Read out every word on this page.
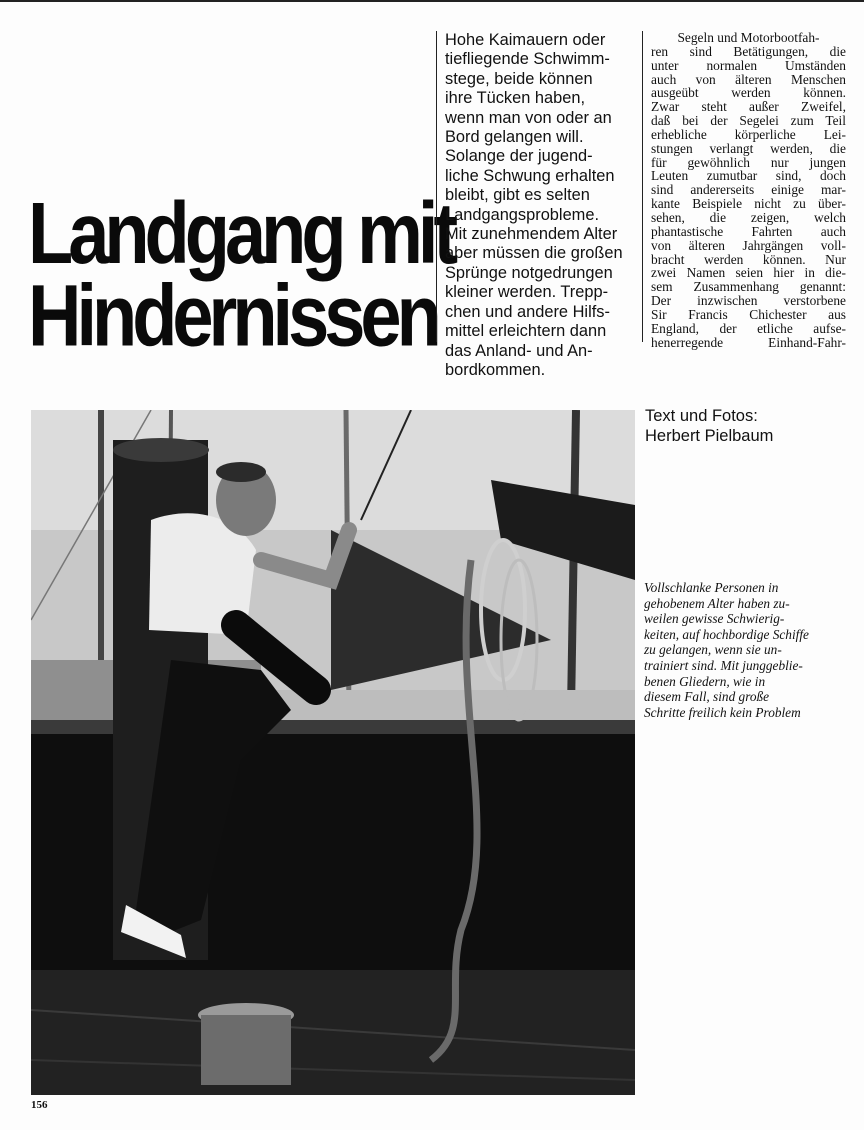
Landgang mit
Hindernissen
Hohe Kaimauern oder
tiefliegende Schwimm-
stege, beide können
ihre Tücken haben,
wenn man von oder an
Bord gelangen will.
Solange der jugend-
liche Schwung erhalten
bleibt, gibt es selten
Landgangsprobleme.
Mit zunehmendem Alter
aber müssen die großen
Sprünge notgedrungen
kleiner werden. Trepp-
chen und andere Hilfs-
mittel erleichtern dann
das Anland- und An-
bordkommen.
Segeln und Motorbootfah-
ren sind Betätigungen, die
unter normalen Umständen
auch von älteren Menschen
ausgeübt werden können.
Zwar steht außer Zweifel,
daß bei der Segelei zum Teil
erhebliche körperliche Lei-
stungen verlangt werden, die
für gewöhnlich nur jungen
Leuten zumutbar sind, doch
sind andererseits einige mar-
kante Beispiele nicht zu über-
sehen, die zeigen, welch
phantastische Fahrten auch
von älteren Jahrgängen voll-
bracht werden können. Nur
zwei Namen seien hier in die-
sem Zusammenhang genannt:
Der inzwischen verstorbene
Sir Francis Chichester aus
England, der etliche aufse-
henerregende Einhand-Fahr-
Text und Fotos:
Herbert Pielbaum
Vollschlanke Personen in
gehobenem Alter haben zu-
weilen gewisse Schwierig-
keiten, auf hochbordige Schiffe
zu gelangen, wenn sie un-
trainiert sind. Mit junggeblie-
benen Gliedern, wie in
diesem Fall, sind große
Schritte freilich kein Problem
156
